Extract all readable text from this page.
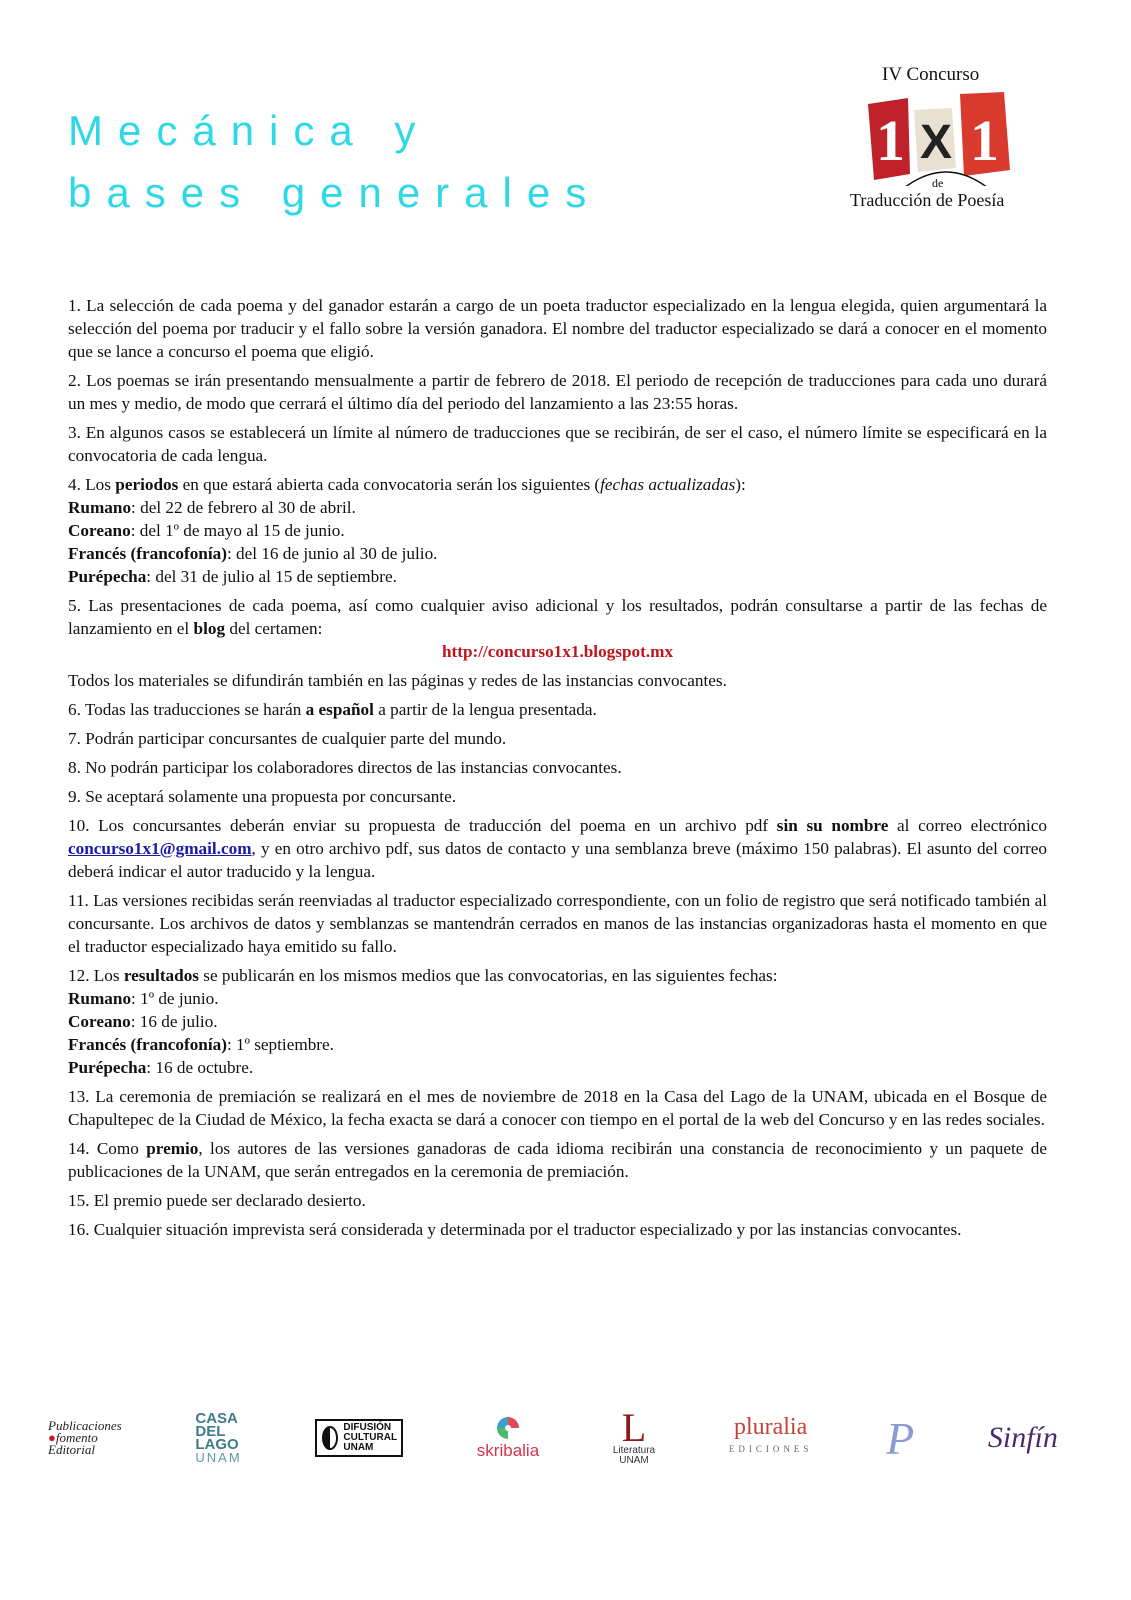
Mecánica y
bases generales
IV Concurso
1 X 1
de
Traducción de Poesía

1. La selección de cada poema y del ganador estarán a cargo de un poeta traductor especializado en la lengua elegida, quien argumentará la selección del poema por traducir y el fallo sobre la versión ganadora. El nombre del traductor especializado se dará a conocer en el momento que se lance a concurso el poema que eligió.

2. Los poemas se irán presentando mensualmente a partir de febrero de 2018. El periodo de recepción de traducciones para cada uno durará un mes y medio, de modo que cerrará el último día del periodo del lanzamiento a las 23:55 horas.

3. En algunos casos se establecerá un límite al número de traducciones que se recibirán, de ser el caso, el número límite se especificará en la convocatoria de cada lengua.

4. Los periodos en que estará abierta cada convocatoria serán los siguientes (fechas actualizadas):

Rumano: del 22 de febrero al 30 de abril.
Coreano: del 1º de mayo al 15 de junio.
Francés (francofonía): del 16 de junio al 30 de julio.

Purépecha: del 31 de julio al 15 de septiembre.

5. Las presentaciones de cada poema, así como cualquier aviso adicional y los resultados, podrán consultarse a partir de las fechas de lanzamiento en el blog del certamen:

http://concurso1x1.blogspot.mx

Todos los materiales se difundirán también en las páginas y redes de las instancias convocantes.

6. Todas las traducciones se harán a español a partir de la lengua presentada.

7. Podrán participar concursantes de cualquier parte del mundo.

8. No podrán participar los colaboradores directos de las instancias convocantes.

9. Se aceptará solamente una propuesta por concursante.

10. Los concursantes deberán enviar su propuesta de traducción del poema en un archivo pdf sin su nombre al correo electrónico concurso1x1@gmail.com, y en otro archivo pdf, sus datos de contacto y una semblanza breve (máximo 150 palabras). El asunto del correo deberá indicar el autor traducido y la lengua.

11. Las versiones recibidas serán reenviadas al traductor especializado correspondiente, con un folio de registro que será notificado también al concursante. Los archivos de datos y semblanzas se mantendrán cerrados en manos de las instancias organizadoras hasta el momento en que el traductor especializado haya emitido su fallo.

12. Los resultados se publicarán en los mismos medios que las convocatorias, en las siguientes fechas:

Rumano: 1º de junio.
Coreano: 16 de julio.
Francés (francofonía): 1º septiembre.

Purépecha: 16 de octubre.

13. La ceremonia de premiación se realizará en el mes de noviembre de 2018 en la Casa del Lago de la UNAM, ubicada en el Bosque de Chapultepec de la Ciudad de México, la fecha exacta se dará a conocer con tiempo en el portal de la web del Concurso y en las redes sociales.

14. Como premio, los autores de las versiones ganadoras de cada idioma recibirán una constancia de reconocimiento y un paquete de publicaciones de la UNAM, que serán entregados en la ceremonia de premiación.

15. El premio puede ser declarado desierto.

16. Cualquier situación imprevista será considerada y determinada por el traductor especializado y por las instancias convocantes.

Publicaciones
●fomento
Editorial
CASA
DEL
LAGO
UNAM
DIFUSIÓN
CULTURAL
UNAM	skribalia
L
Literatura
UNAM
pluralia
EDICIONES P Sinfín
